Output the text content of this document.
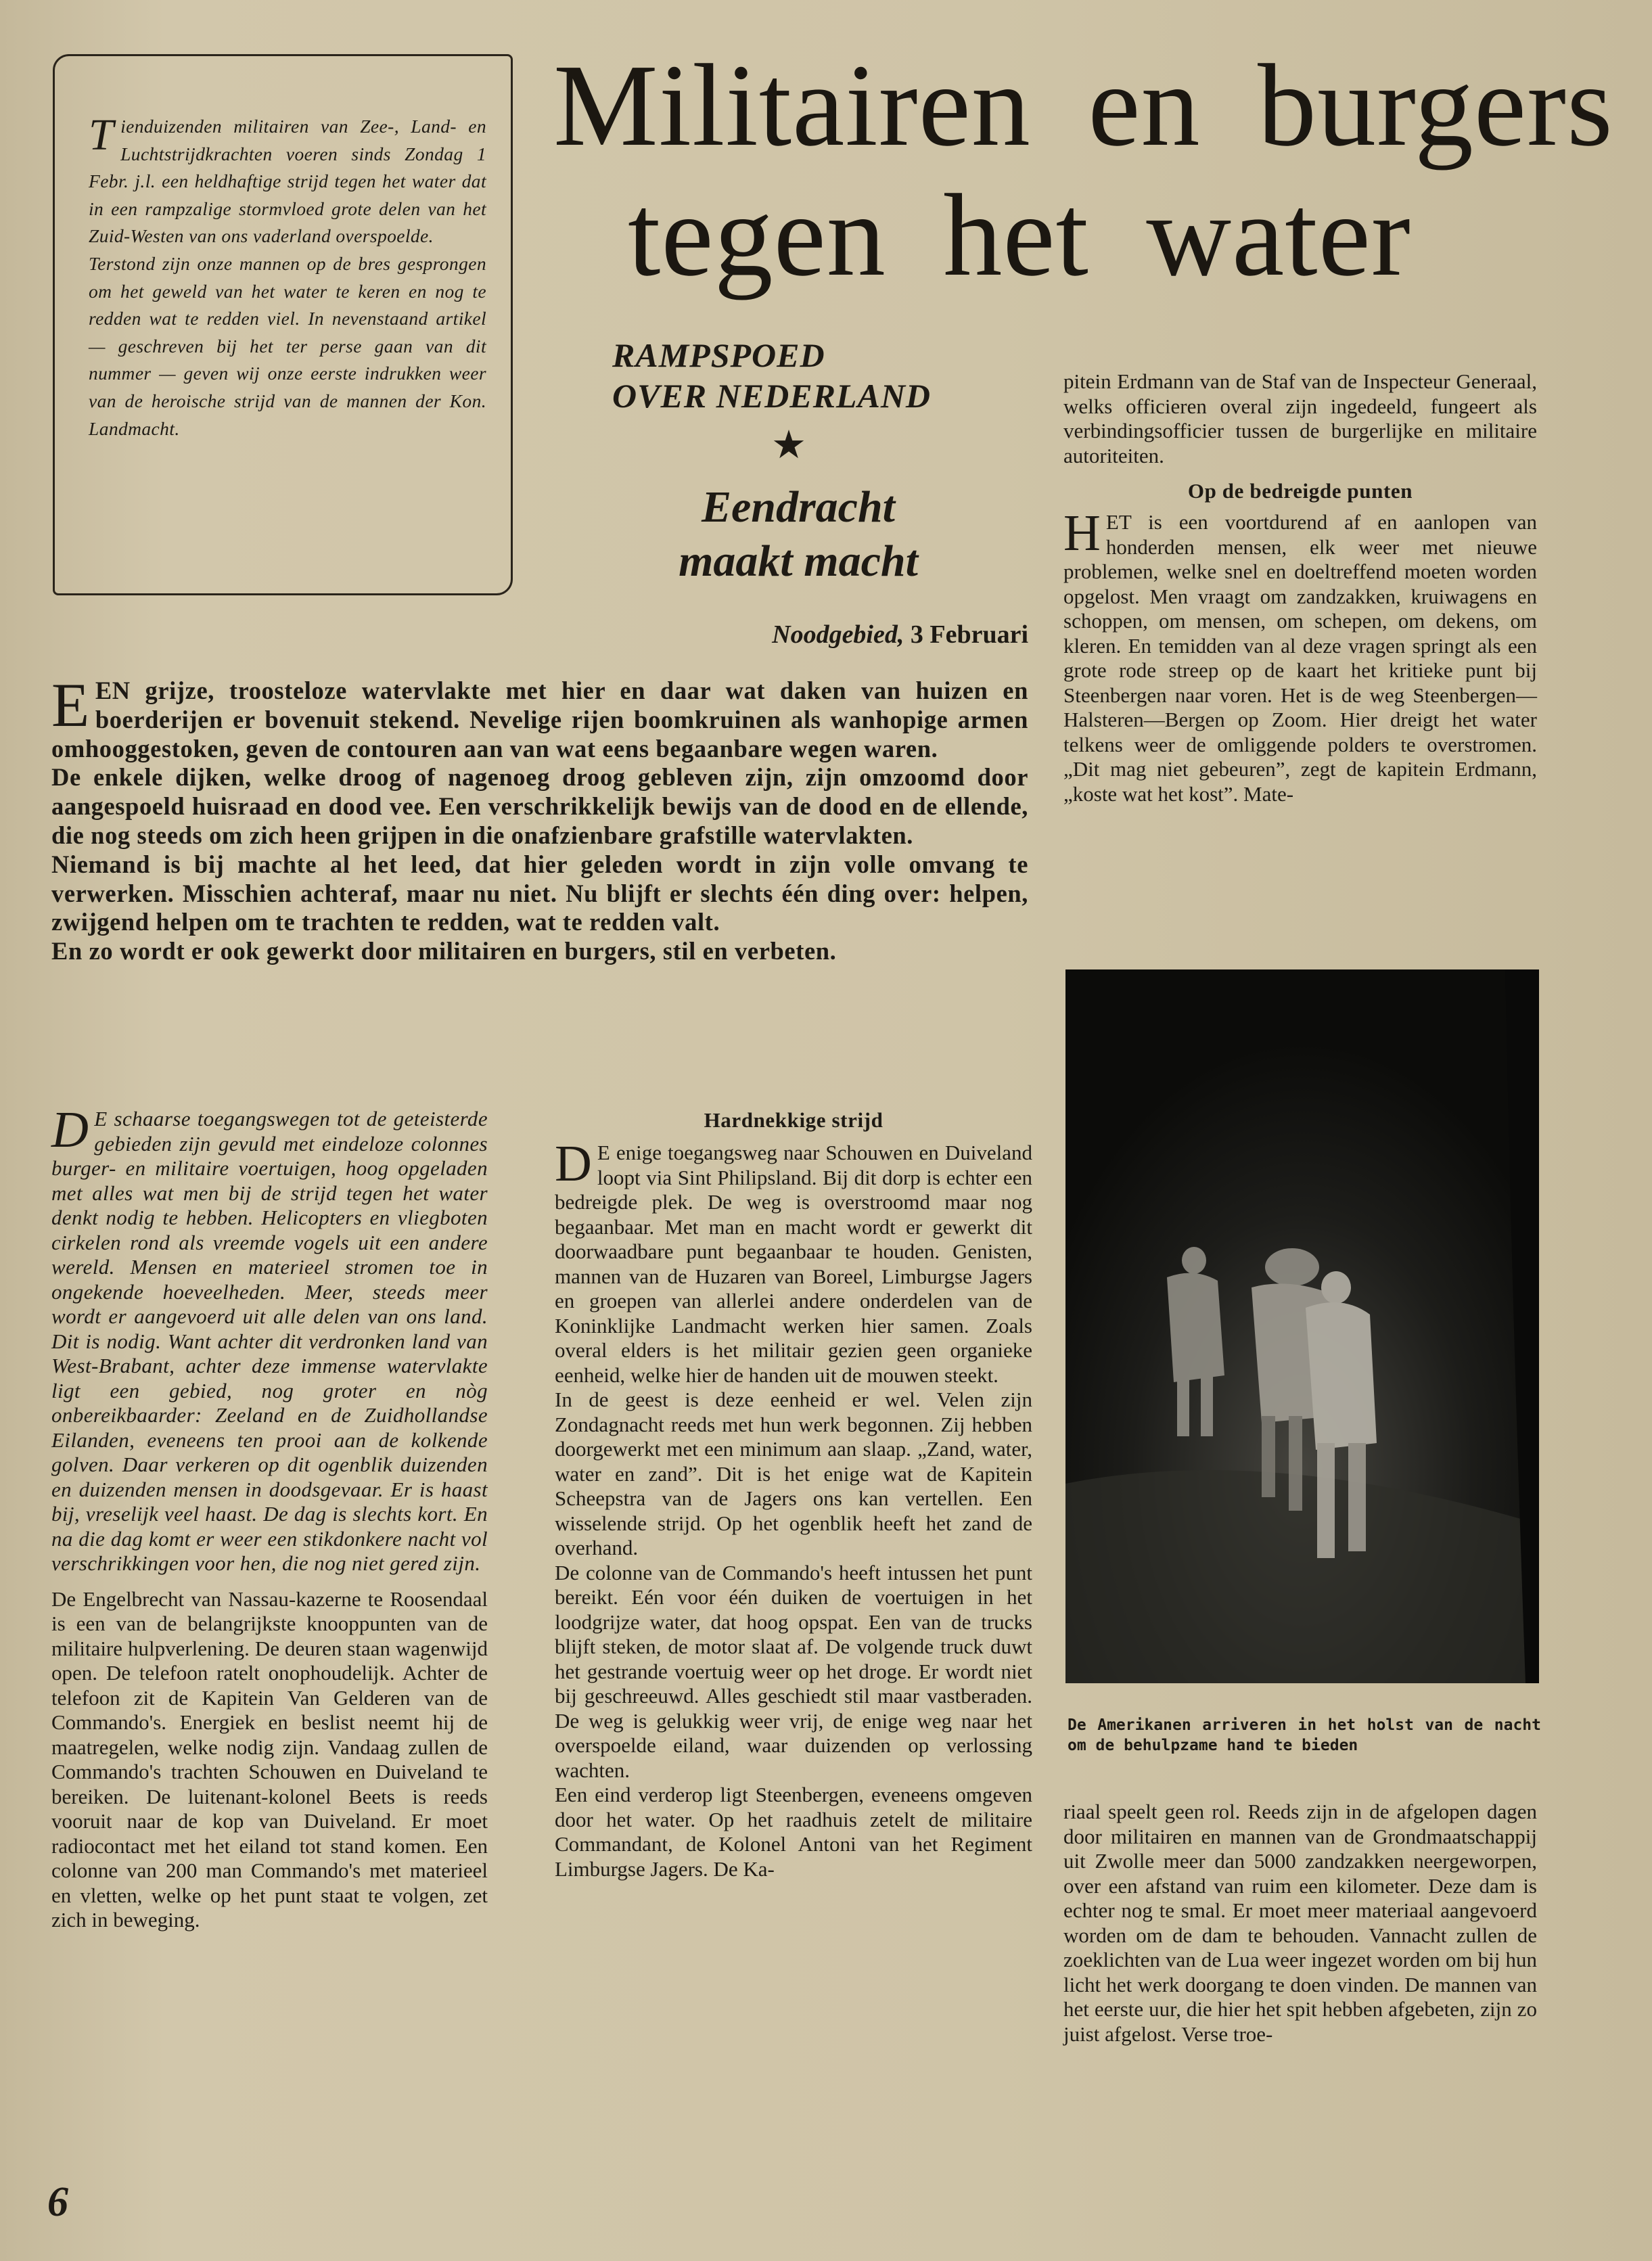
Tienduizenden militairen van Zee-, Land- en Luchtstrijdkrachten voeren sinds Zondag 1 Febr. j.l. een heldhaftige strijd tegen het water dat in een rampzalige stormvloed grote delen van het Zuid-Westen van ons vaderland overspoelde.

Terstond zijn onze mannen op de bres gesprongen om het geweld van het water te keren en nog te redden wat te redden viel. In nevenstaand artikel — geschreven bij het ter perse gaan van dit nummer — geven wij onze eerste indrukken weer van de heroische strijd van de mannen der Kon. Landmacht.

Militairen en burgers
tegen het water
RAMPSPOED
OVER NEDERLAND
★
Eendracht
maakt macht
Noodgebied, 3 Februari

EEN grijze, troosteloze watervlakte met hier en daar wat daken van huizen en boerderijen er bovenuit stekend. Nevelige rijen boomkruinen als wanhopige armen omhooggestoken, geven de contouren aan van wat eens begaanbare wegen waren.

De enkele dijken, welke droog of nagenoeg droog gebleven zijn, zijn omzoomd door aangespoeld huisraad en dood vee. Een verschrikkelijk bewijs van de dood en de ellende, die nog steeds om zich heen grijpen in die onafzienbare grafstille watervlakten.

Niemand is bij machte al het leed, dat hier geleden wordt in zijn volle omvang te verwerken. Misschien achteraf, maar nu niet. Nu blijft er slechts één ding over: helpen, zwijgend helpen om te trachten te redden, wat te redden valt.

En zo wordt er ook gewerkt door militairen en burgers, stil en verbeten.

D E schaarse toegangswegen tot de geteisterde gebieden zijn gevuld met eindeloze colonnes burger- en militaire voertuigen, hoog opgeladen met alles wat men bij de strijd tegen het water denkt nodig te hebben. Helicopters en vliegboten cirkelen rond als vreemde vogels uit een andere wereld. Mensen en materieel stromen toe in ongekende hoeveelheden. Meer, steeds meer wordt er aangevoerd uit alle delen van ons land. Dit is nodig. Want achter dit verdronken land van West-Brabant, achter deze immense watervlakte ligt een gebied, nog groter en nòg onbereikbaarder: Zeeland en de Zuidhollandse Eilanden, eveneens ten prooi aan de kolkende golven. Daar verkeren op dit ogenblik duizenden en duizenden mensen in doodsgevaar. Er is haast bij, vreselijk veel haast. De dag is slechts kort. En na die dag komt er weer een stikdonkere nacht vol verschrikkingen voor hen, die nog niet gered zijn.

De Engelbrecht van Nassau-kazerne te Roosendaal is een van de belangrijkste knooppunten van de militaire hulpverlening. De deuren staan wagenwijd open. De telefoon ratelt onophoudelijk. Achter de telefoon zit de Kapitein Van Gelderen van de Commando's. Energiek en beslist neemt hij de maatregelen, welke nodig zijn. Vandaag zullen de Commando's trachten Schouwen en Duiveland te bereiken. De luitenant-kolonel Beets is reeds vooruit naar de kop van Duiveland. Er moet radiocontact met het eiland tot stand komen. Een colonne van 200 man Commando's met materieel en vletten, welke op het punt staat te volgen, zet zich in beweging.

Hardnekkige strijd

D E enige toegangsweg naar Schouwen en Duiveland loopt via Sint Philipsland. Bij dit dorp is echter een bedreigde plek. De weg is overstroomd maar nog begaanbaar. Met man en macht wordt er gewerkt dit doorwaadbare punt begaanbaar te houden. Genisten, mannen van de Huzaren van Boreel, Limburgse Jagers en groepen van allerlei andere onderdelen van de Koninklijke Landmacht werken hier samen. Zoals overal elders is het militair gezien geen organieke eenheid, welke hier de handen uit de mouwen steekt.

In de geest is deze eenheid er wel. Velen zijn Zondagnacht reeds met hun werk begonnen. Zij hebben doorgewerkt met een minimum aan slaap. „Zand, water, water en zand”. Dit is het enige wat de Kapitein Scheepstra van de Jagers ons kan vertellen. Een wisselende strijd. Op het ogenblik heeft het zand de overhand.

De colonne van de Commando's heeft intussen het punt bereikt. Eén voor één duiken de voertuigen in het loodgrijze water, dat hoog opspat. Een van de trucks blijft steken, de motor slaat af. De volgende truck duwt het gestrande voertuig weer op het droge. Er wordt niet bij geschreeuwd. Alles geschiedt stil maar vastberaden. De weg is gelukkig weer vrij, de enige weg naar het overspoelde eiland, waar duizenden op verlossing wachten.

Een eind verderop ligt Steenbergen, eveneens omgeven door het water. Op het raadhuis zetelt de militaire Commandant, de Kolonel Antoni van het Regiment Limburgse Jagers. De Ka-

pitein Erdmann van de Staf van de Inspecteur Generaal, welks officieren overal zijn ingedeeld, fungeert als verbindingsofficier tussen de burgerlijke en militaire autoriteiten.

Op de bedreigde punten

HET is een voortdurend af en aanlopen van honderden mensen, elk weer met nieuwe problemen, welke snel en doeltreffend moeten worden opgelost. Men vraagt om zandzakken, kruiwagens en schoppen, om mensen, om schepen, om dekens, om kleren. En temidden van al deze vragen springt als een grote rode streep op de kaart het kritieke punt bij Steenbergen naar voren. Het is de weg Steenbergen—Halsteren—Bergen op Zoom. Hier dreigt het water telkens weer de omliggende polders te overstromen. „Dit mag niet gebeuren”, zegt de kapitein Erdmann, „koste wat het kost”. Mate-

De Amerikanen arriveren in het holst van de nacht om de behulpzame hand te bieden

riaal speelt geen rol. Reeds zijn in de afgelopen dagen door militairen en mannen van de Grondmaatschappij uit Zwolle meer dan 5000 zandzakken neergeworpen, over een afstand van ruim een kilometer. Deze dam is echter nog te smal. Er moet meer materiaal aangevoerd worden om de dam te behouden. Vannacht zullen de zoeklichten van de Lua weer ingezet worden om bij hun licht het werk doorgang te doen vinden. De mannen van het eerste uur, die hier het spit hebben afgebeten, zijn zo juist afgelost. Verse troe-

6
